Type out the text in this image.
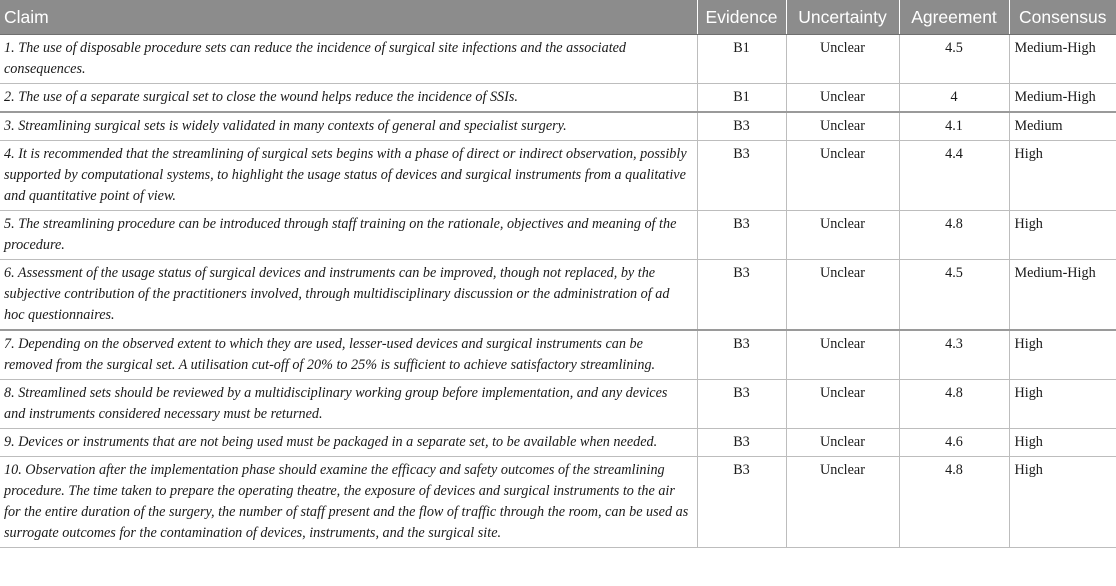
Claim	Evidence	Uncertainty	Agreement	Consensus
1. The use of disposable procedure sets can reduce the incidence of surgical site infections and the associated consequences.	B1	Unclear	4.5	Medium-High
2. The use of a separate surgical set to close the wound helps reduce the incidence of SSIs.	B1	Unclear	4	Medium-High
3. Streamlining surgical sets is widely validated in many contexts of general and specialist surgery.	B3	Unclear	4.1	Medium
4. It is recommended that the streamlining of surgical sets begins with a phase of direct or indirect observation, possibly supported by computational systems, to highlight the usage status of devices and surgical instruments from a qualitative and quantitative point of view.	B3	Unclear	4.4	High
5. The streamlining procedure can be introduced through staff training on the rationale, objectives and meaning of the procedure.	B3	Unclear	4.8	High
6. Assessment of the usage status of surgical devices and instruments can be improved, though not replaced, by the subjective contribution of the practitioners involved, through multidisciplinary discussion or the administration of ad hoc questionnaires.	B3	Unclear	4.5	Medium-High
7. Depending on the observed extent to which they are used, lesser-used devices and surgical instruments can be removed from the surgical set. A utilisation cut-off of 20% to 25% is sufficient to achieve satisfactory streamlining.	B3	Unclear	4.3	High
8. Streamlined sets should be reviewed by a multidisciplinary working group before implementation, and any devices and instruments considered necessary must be returned.	B3	Unclear	4.8	High
9. Devices or instruments that are not being used must be packaged in a separate set, to be available when needed.	B3	Unclear	4.6	High
10. Observation after the implementation phase should examine the efficacy and safety outcomes of the streamlining procedure. The time taken to prepare the operating theatre, the exposure of devices and surgical instruments to the air for the entire duration of the surgery, the number of staff present and the flow of traffic through the room, can be used as surrogate outcomes for the contamination of devices, instruments, and the surgical site.	B3	Unclear	4.8	High
